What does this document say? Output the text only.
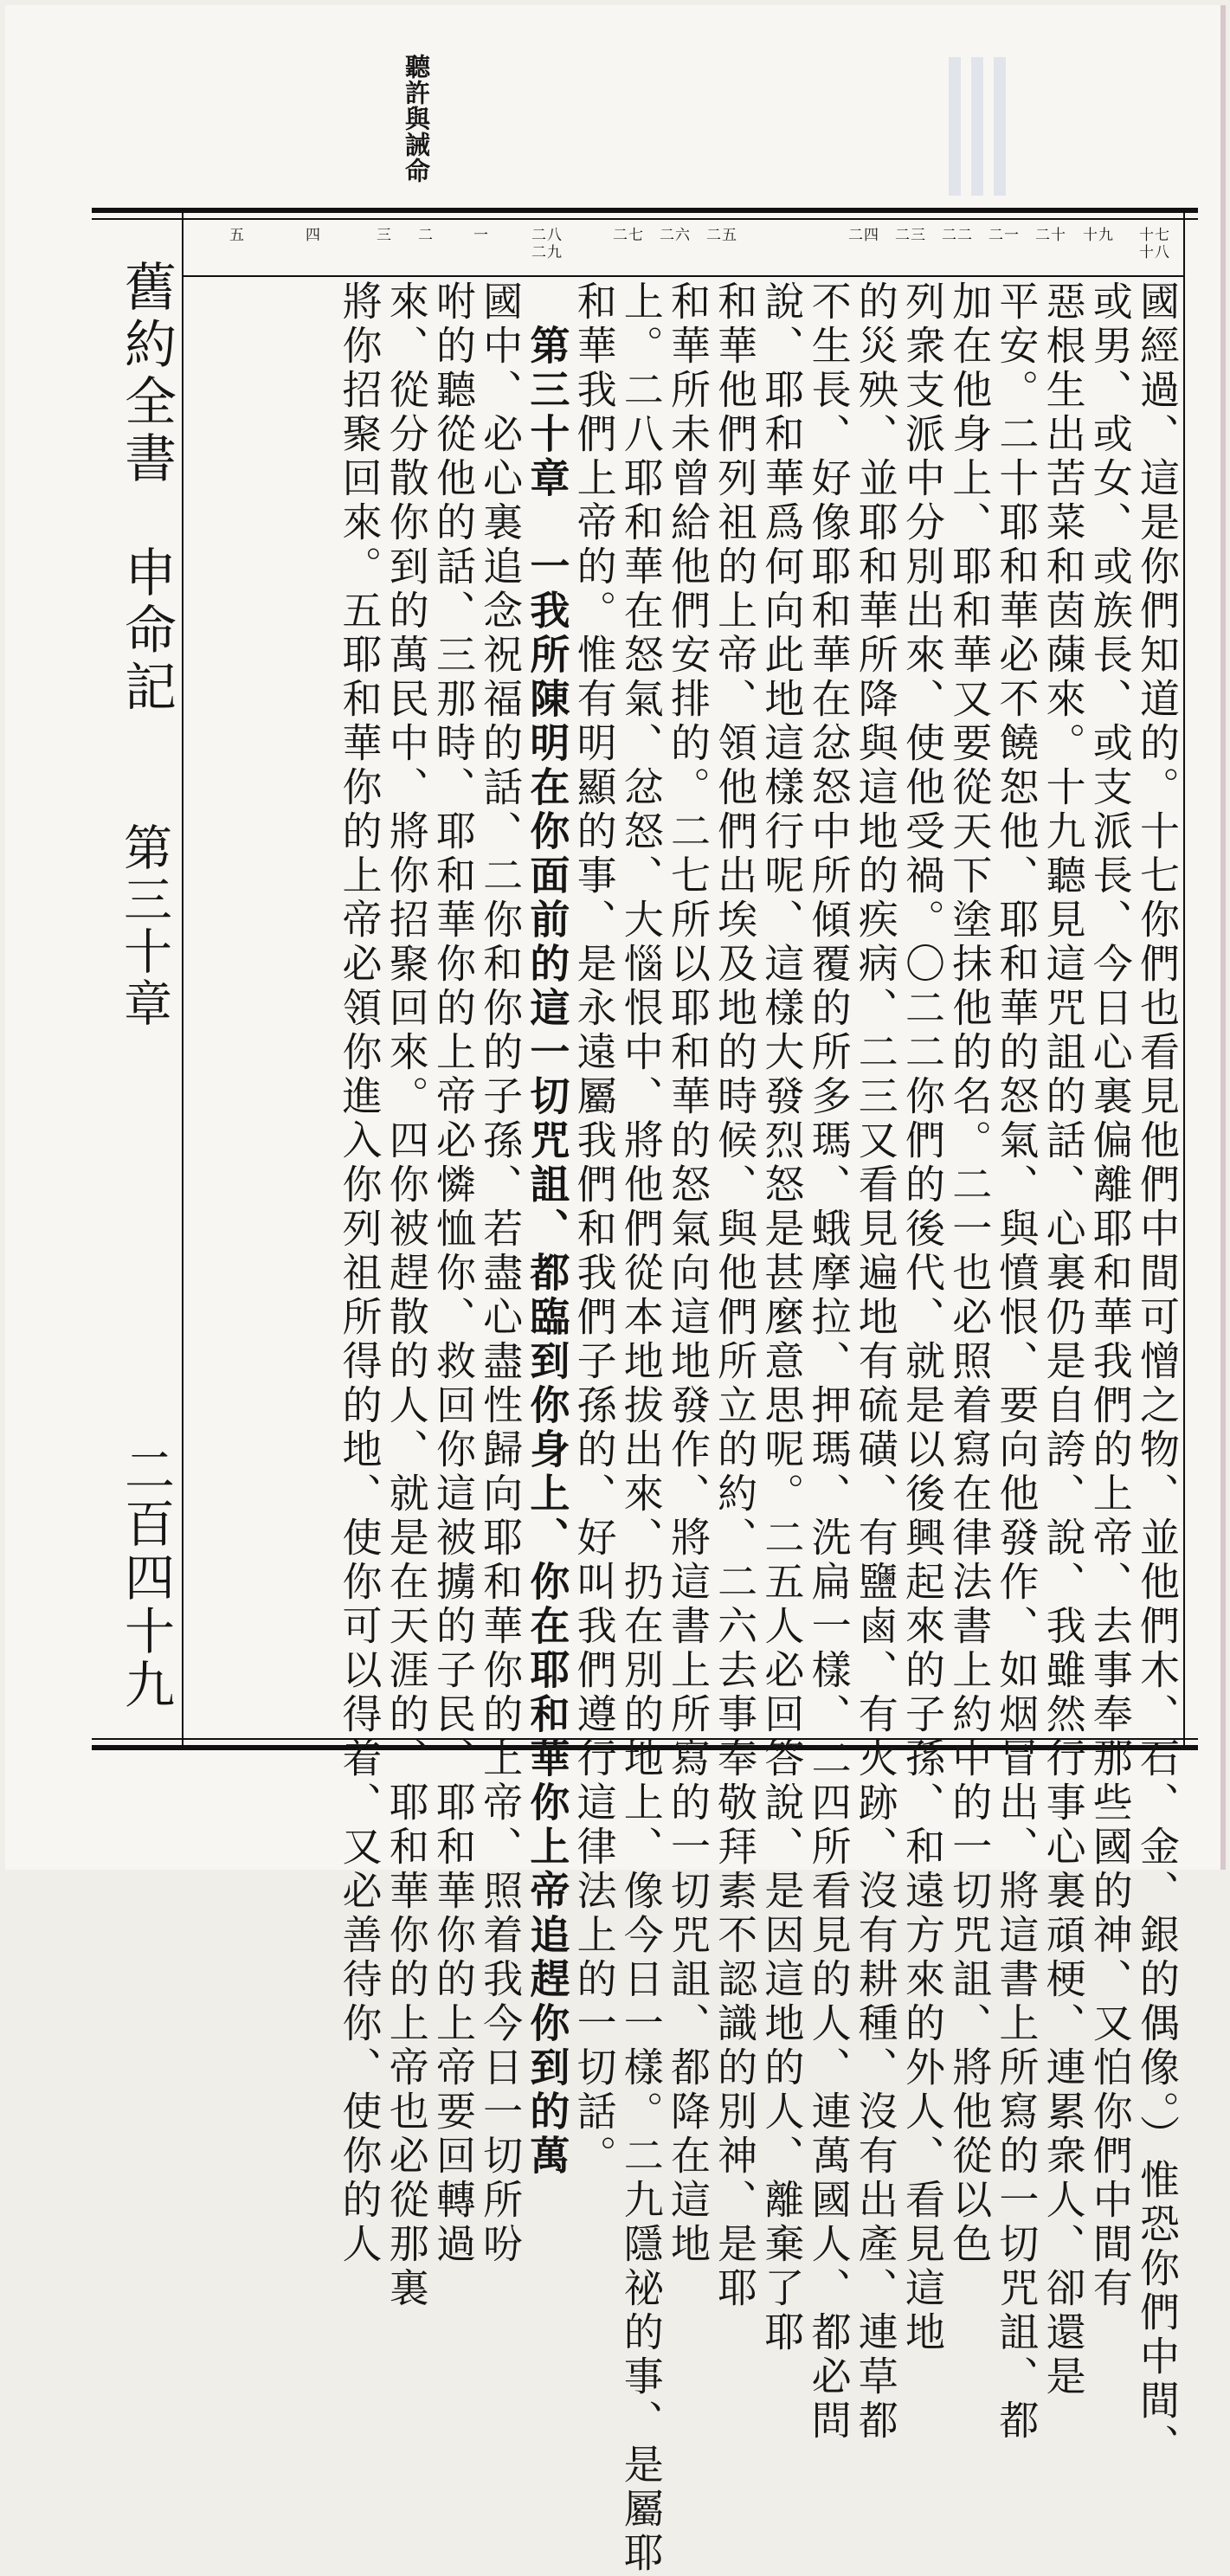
聽許與誡命
十七 十八
十九
二十
二一
二二
二三
二四
二五
二六
二七
二八 二九
一
二
三
四
五

國經過、這是你們知道的。十七你們也看見他們中間可憎之物、並他們木、石、金、銀的偶像。）惟恐你們中間、

或男、或女、或族長、或支派長、今日心裏偏離耶和華我們的上帝、去事奉那些國的神、又怕你們中間有

惡根生出苦菜和茵蔯來。十九聽見這咒詛的話、心裏仍是自誇、說、我雖然行事心裏頑梗、連累衆人、卻還是

平安。二十耶和華必不饒恕他、耶和華的怒氣、與憤恨、要向他發作、如烟冒出、將這書上所寫的一切咒詛、都

加在他身上、耶和華又要從天下塗抹他的名。二一也必照着寫在律法書上約中的一切咒詛、將他從以色

列衆支派中分別出來、使他受禍。〇二二你們的後代、就是以後興起來的子孫、和遠方來的外人、看見這地

的災殃、並耶和華所降與這地的疾病、二三又看見遍地有硫磺、有鹽鹵、有火跡、沒有耕種、沒有出產、連草都

不生長、好像耶和華在忿怒中所傾覆的所多瑪、蛾摩拉、押瑪、洗扁一樣、二四所看見的人、連萬國人、都必問

說、耶和華爲何向此地這樣行呢、這樣大發烈怒是甚麼意思呢。二五人必回答說、是因這地的人、離棄了耶

和華他們列祖的上帝、領他們出埃及地的時候、與他們所立的約、二六去事奉敬拜素不認識的別神、是耶

和華所未曾給他們安排的。二七所以耶和華的怒氣向這地發作、將這書上所寫的一切咒詛、都降在這地

上。二八耶和華在怒氣、忿怒、大惱恨中、將他們從本地拔出來、扔在別的地上、像今日一樣。二九隱祕的事、是屬耶

和華我們上帝的。惟有明顯的事、是永遠屬我們和我們子孫的、好叫我們遵行這律法上的一切話。

　第三十章　一我所陳明在你面前的這一切咒詛、都臨到你身上、你在耶和華你上帝追趕你到的萬

國中、必心裏追念祝福的話、二你和你的子孫、若盡心盡性歸向耶和華你的上帝、照着我今日一切所吩

咐的聽從他的話、三那時、耶和華你的上帝必憐恤你、救回你這被擄的子民、耶和華你的上帝要回轉過

來、從分散你到的萬民中、將你招聚回來。四你被趕散的人、就是在天涯的、耶和華你的上帝也必從那裏

將你招聚回來。五耶和華你的上帝必領你進入你列祖所得的地、使你可以得着、又必善待你、使你的人

舊約全書　申命記
第三十章
二百四十九
